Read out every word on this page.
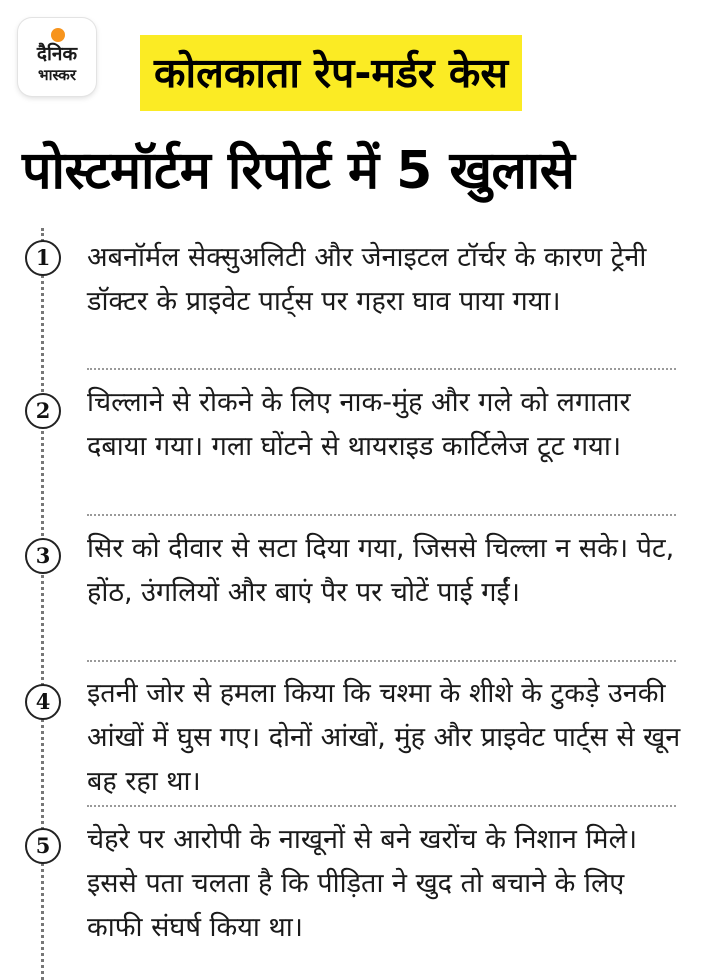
दैनिक
भास्कर	कोलकाता रेप-मर्डर केस
पोस्टमॉर्टम रिपोर्ट में 5 खुलासे
1	अबनॉर्मल सेक्सुअलिटी और जेनाइटल टॉर्चर के कारण ट्रेनी डॉक्टर के प्राइवेट पार्ट्स पर गहरा घाव पाया गया।
2	चिल्लाने से रोकने के लिए नाक-मुंह और गले को लगातार दबाया गया। गला घोंटने से थायराइड कार्टिलेज टूट गया।
3	सिर को दीवार से सटा दिया गया, जिससे चिल्ला न सके। पेट, होंठ, उंगलियों और बाएं पैर पर चोटें पाई गईं।
4	इतनी जोर से हमला किया कि चश्मा के शीशे के टुकड़े उनकी आंखों में घुस गए। दोनों आंखों, मुंह और प्राइवेट पार्ट्स से खून बह रहा था।
5	चेहरे पर आरोपी के नाखूनों से बने खरोंच के निशान मिले। इससे पता चलता है कि पीड़िता ने खुद तो बचाने के लिए काफी संघर्ष किया था।
